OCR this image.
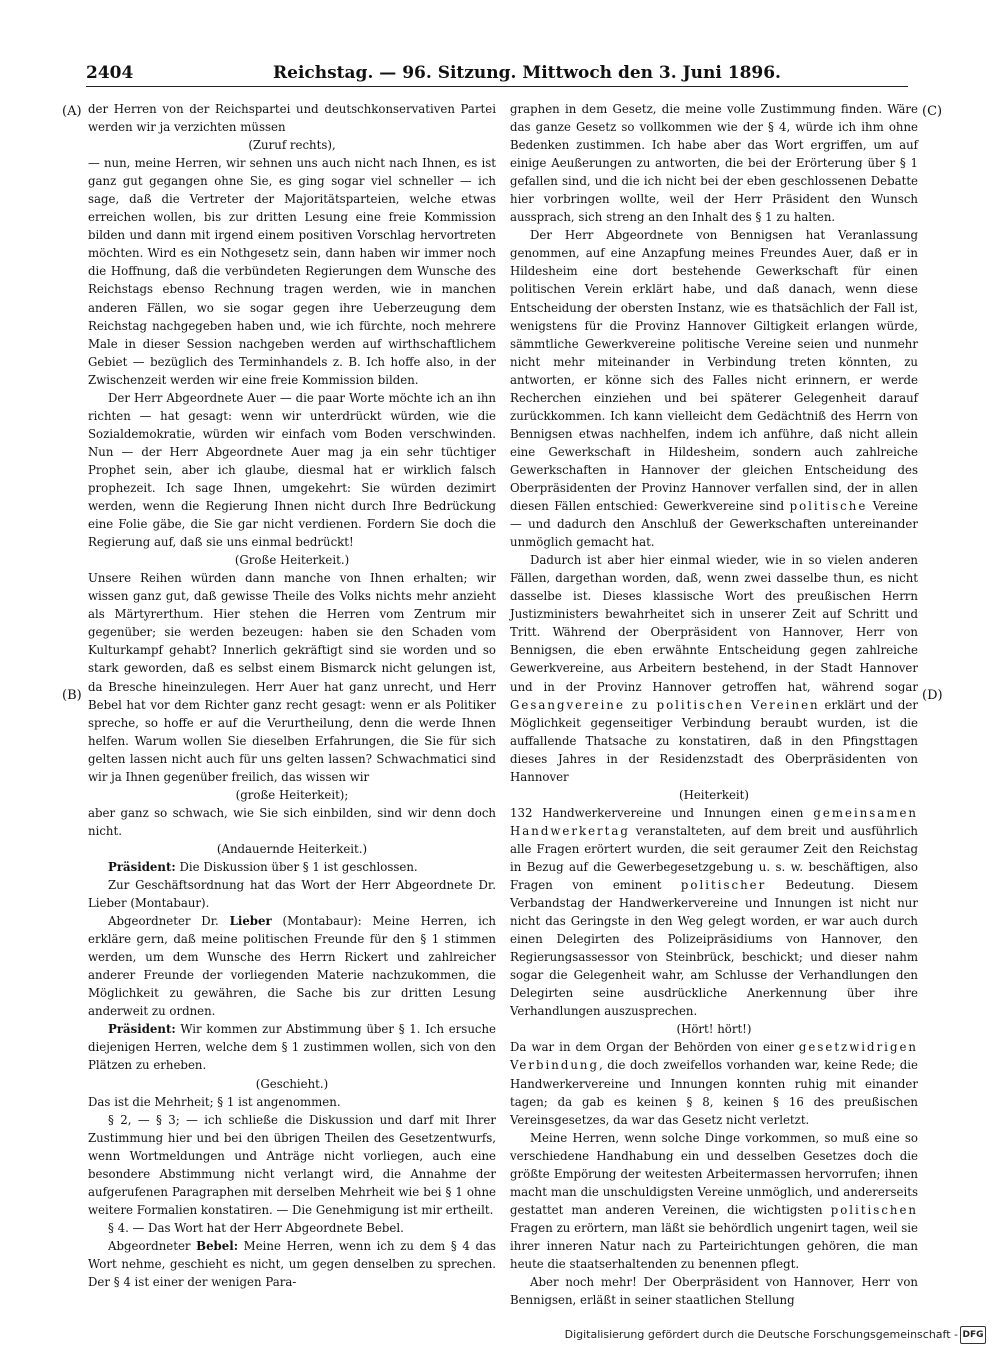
2404	Reichstag. — 96. Sitzung. Mittwoch den 3. Juni 1896.
(A)
(B)
(C)
(D)

der Herren von der Reichspartei und deutschkonservativen Partei werden wir ja verzichten müssen

(Zuruf rechts),

— nun, meine Herren, wir sehnen uns auch nicht nach Ihnen, es ist ganz gut gegangen ohne Sie, es ging sogar viel schneller — ich sage, daß die Vertreter der Majoritätsparteien, welche etwas erreichen wollen, bis zur dritten Lesung eine freie Kommission bilden und dann mit irgend einem positiven Vorschlag hervortreten möchten. Wird es ein Nothgesetz sein, dann haben wir immer noch die Hoffnung, daß die verbündeten Regierungen dem Wunsche des Reichstags ebenso Rechnung tragen werden, wie in manchen anderen Fällen, wo sie sogar gegen ihre Ueberzeugung dem Reichstag nachgegeben haben und, wie ich fürchte, noch mehrere Male in dieser Session nachgeben werden auf wirthschaftlichem Gebiet — bezüglich des Terminhandels z. B. Ich hoffe also, in der Zwischenzeit werden wir eine freie Kommission bilden.

Der Herr Abgeordnete Auer — die paar Worte möchte ich an ihn richten — hat gesagt: wenn wir unterdrückt würden, wie die Sozialdemokratie, würden wir einfach vom Boden verschwinden. Nun — der Herr Abgeordnete Auer mag ja ein sehr tüchtiger Prophet sein, aber ich glaube, diesmal hat er wirklich falsch prophezeit. Ich sage Ihnen, umgekehrt: Sie würden dezimirt werden, wenn die Regierung Ihnen nicht durch Ihre Bedrückung eine Folie gäbe, die Sie gar nicht verdienen. Fordern Sie doch die Regierung auf, daß sie uns einmal bedrückt!

(Große Heiterkeit.)

Unsere Reihen würden dann manche von Ihnen erhalten; wir wissen ganz gut, daß gewisse Theile des Volks nichts mehr anzieht als Märtyrerthum. Hier stehen die Herren vom Zentrum mir gegenüber; sie werden bezeugen: haben sie den Schaden vom Kulturkampf gehabt? Innerlich gekräftigt sind sie worden und so stark geworden, daß es selbst einem Bismarck nicht gelungen ist, da Bresche hineinzulegen. Herr Auer hat ganz unrecht, und Herr Bebel hat vor dem Richter ganz recht gesagt: wenn er als Politiker spreche, so hoffe er auf die Verurtheilung, denn die werde Ihnen helfen. Warum wollen Sie dieselben Erfahrungen, die Sie für sich gelten lassen nicht auch für uns gelten lassen? Schwachmatici sind wir ja Ihnen gegenüber freilich, das wissen wir

(große Heiterkeit);

aber ganz so schwach, wie Sie sich einbilden, sind wir denn doch nicht.

(Andauernde Heiterkeit.)

Präsident: Die Diskussion über § 1 ist geschlossen.

Zur Geschäftsordnung hat das Wort der Herr Abgeordnete Dr. Lieber (Montabaur).

Abgeordneter Dr. Lieber (Montabaur): Meine Herren, ich erkläre gern, daß meine politischen Freunde für den § 1 stimmen werden, um dem Wunsche des Herrn Rickert und zahlreicher anderer Freunde der vorliegenden Materie nachzukommen, die Möglichkeit zu gewähren, die Sache bis zur dritten Lesung anderweit zu ordnen.

Präsident: Wir kommen zur Abstimmung über § 1. Ich ersuche diejenigen Herren, welche dem § 1 zustimmen wollen, sich von den Plätzen zu erheben.

(Geschieht.)

Das ist die Mehrheit; § 1 ist angenommen.

§ 2, — § 3; — ich schließe die Diskussion und darf mit Ihrer Zustimmung hier und bei den übrigen Theilen des Gesetzentwurfs, wenn Wortmeldungen und Anträge nicht vorliegen, auch eine besondere Abstimmung nicht verlangt wird, die Annahme der aufgerufenen Paragraphen mit derselben Mehrheit wie bei § 1 ohne weitere Formalien konstatiren. — Die Genehmigung ist mir ertheilt.

§ 4. — Das Wort hat der Herr Abgeordnete Bebel.

Abgeordneter Bebel: Meine Herren, wenn ich zu dem § 4 das Wort nehme, geschieht es nicht, um gegen denselben zu sprechen. Der § 4 ist einer der wenigen Para-

graphen in dem Gesetz, die meine volle Zustimmung finden. Wäre das ganze Gesetz so vollkommen wie der § 4, würde ich ihm ohne Bedenken zustimmen. Ich habe aber das Wort ergriffen, um auf einige Aeußerungen zu antworten, die bei der Erörterung über § 1 gefallen sind, und die ich nicht bei der eben geschlossenen Debatte hier vorbringen wollte, weil der Herr Präsident den Wunsch aussprach, sich streng an den Inhalt des § 1 zu halten.

Der Herr Abgeordnete von Bennigsen hat Veranlassung genommen, auf eine Anzapfung meines Freundes Auer, daß er in Hildesheim eine dort bestehende Gewerkschaft für einen politischen Verein erklärt habe, und daß danach, wenn diese Entscheidung der obersten Instanz, wie es thatsächlich der Fall ist, wenigstens für die Provinz Hannover Giltigkeit erlangen würde, sämmtliche Gewerkvereine politische Vereine seien und nunmehr nicht mehr miteinander in Verbindung treten könnten, zu antworten, er könne sich des Falles nicht erinnern, er werde Recherchen einziehen und bei späterer Gelegenheit darauf zurückkommen. Ich kann vielleicht dem Gedächtniß des Herrn von Bennigsen etwas nachhelfen, indem ich anführe, daß nicht allein eine Gewerkschaft in Hildesheim, sondern auch zahlreiche Gewerkschaften in Hannover der gleichen Entscheidung des Oberpräsidenten der Provinz Hannover verfallen sind, der in allen diesen Fällen entschied: Gewerkvereine sind politische Vereine — und dadurch den Anschluß der Gewerkschaften untereinander unmöglich gemacht hat.

Dadurch ist aber hier einmal wieder, wie in so vielen anderen Fällen, dargethan worden, daß, wenn zwei dasselbe thun, es nicht dasselbe ist. Dieses klassische Wort des preußischen Herrn Justizministers bewahrheitet sich in unserer Zeit auf Schritt und Tritt. Während der Oberpräsident von Hannover, Herr von Bennigsen, die eben erwähnte Entscheidung gegen zahlreiche Gewerkvereine, aus Arbeitern bestehend, in der Stadt Hannover und in der Provinz Hannover getroffen hat, während sogar Gesangvereine zu politischen Vereinen erklärt und der Möglichkeit gegenseitiger Verbindung beraubt wurden, ist die auffallende Thatsache zu konstatiren, daß in den Pfingsttagen dieses Jahres in der Residenzstadt des Oberpräsidenten von Hannover

(Heiterkeit)

132 Handwerkervereine und Innungen einen gemeinsamen Handwerkertag veranstalteten, auf dem breit und ausführlich alle Fragen erörtert wurden, die seit geraumer Zeit den Reichstag in Bezug auf die Gewerbegesetzgebung u. s. w. beschäftigen, also Fragen von eminent politischer Bedeutung. Diesem Verbandstag der Handwerkervereine und Innungen ist nicht nur nicht das Geringste in den Weg gelegt worden, er war auch durch einen Delegirten des Polizeipräsidiums von Hannover, den Regierungsassessor von Steinbrück, beschickt; und dieser nahm sogar die Gelegenheit wahr, am Schlusse der Verhandlungen den Delegirten seine ausdrückliche Anerkennung über ihre Verhandlungen auszusprechen.

(Hört! hört!)

Da war in dem Organ der Behörden von einer gesetzwidrigen Verbindung, die doch zweifellos vorhanden war, keine Rede; die Handwerkervereine und Innungen konnten ruhig mit einander tagen; da gab es keinen § 8, keinen § 16 des preußischen Vereinsgesetzes, da war das Gesetz nicht verletzt.

Meine Herren, wenn solche Dinge vorkommen, so muß eine so verschiedene Handhabung ein und desselben Gesetzes doch die größte Empörung der weitesten Arbeitermassen hervorrufen; ihnen macht man die unschuldigsten Vereine unmöglich, und andererseits gestattet man anderen Vereinen, die wichtigsten politischen Fragen zu erörtern, man läßt sie behördlich ungenirt tagen, weil sie ihrer inneren Natur nach zu Parteirichtungen gehören, die man heute die staatserhaltenden zu benennen pflegt.

Aber noch mehr! Der Oberpräsident von Hannover, Herr von Bennigsen, erläßt in seiner staatlichen Stellung

Digitalisierung gefördert durch die Deutsche Forschungsgemeinschaft - DFG
